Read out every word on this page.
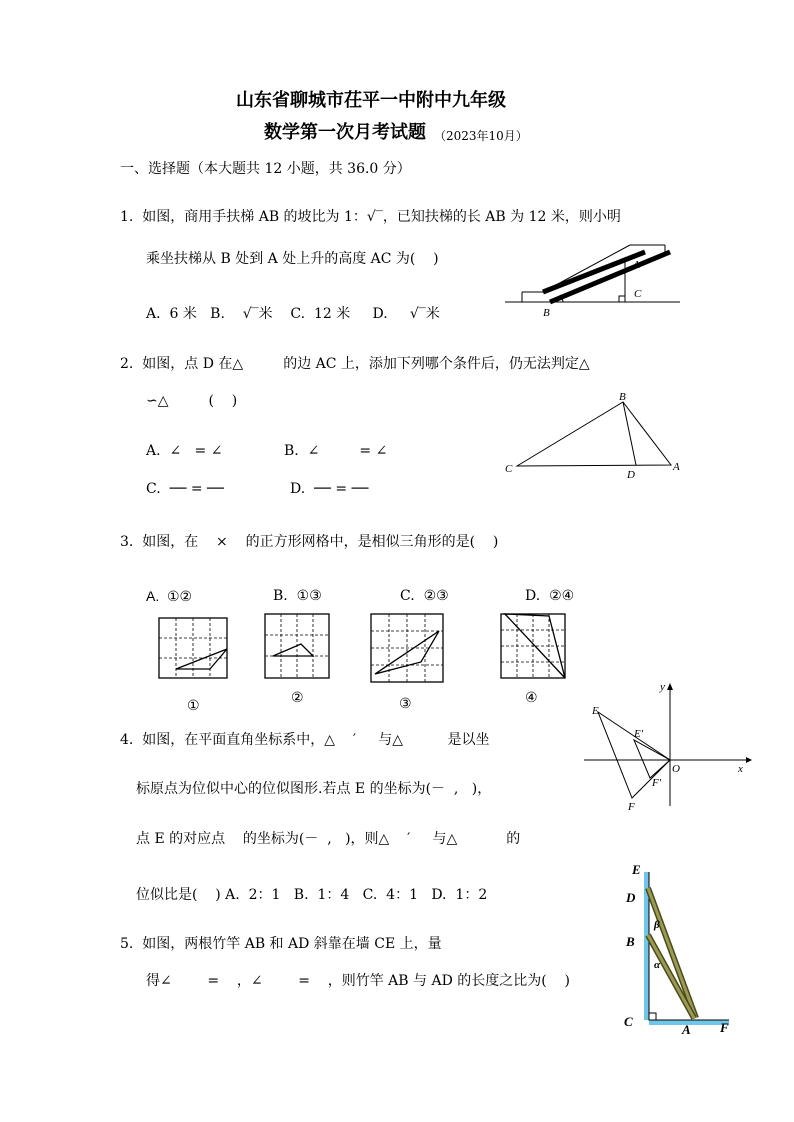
山东省聊城市茌平一中附中九年级
数学第一次月考试题 （2023年10月）
一、选择题（本大题共 12 小题，共 36.0 分）
1.  如图，商用手扶梯 AB 的坡比为 1：√‾，已知扶梯的长 AB 为 12 米，则小明
乘坐扶梯从 B 处到 A 处上升的高度 AC 为(    )
A.  6 米   B.    √‾米    C.  12 米     D.     √‾米
A
C
B
2.  如图，点 D 在△         的边 AC 上，添加下列哪个条件后，仍无法判定△
∽△         (    )
A.  ∠   = ∠	B.  ∠         = ∠
C.  ── = ──	D.  ── = ──
B
C	D
A
3.  如图，在    ×    的正方形网格中，是相似三角形的是(    )
A.  ①②	B.  ①③	C.  ②③	D.  ②④
①
②	③	④
4.  如图，在平面直角坐标系中，△    ′     与△          是以坐
标原点为位似中心的位似图形.若点 E 的坐标为(－  ,   )，
点 E 的对应点    的坐标为(－  ,   )，则△    ′     与△           的
位似比是(    ) A.  2：1   B.  1：4   C.  4：1   D.  1：2
y
x
E
E′
O
F′
F
5.  如图，两根竹竿 AB 和 AD 斜靠在墙 CE 上，量
得∠        =    ，∠        =    ，则竹竿 AB 与 AD 的长度之比为(    )
E
D
β
B
α
C
A F
